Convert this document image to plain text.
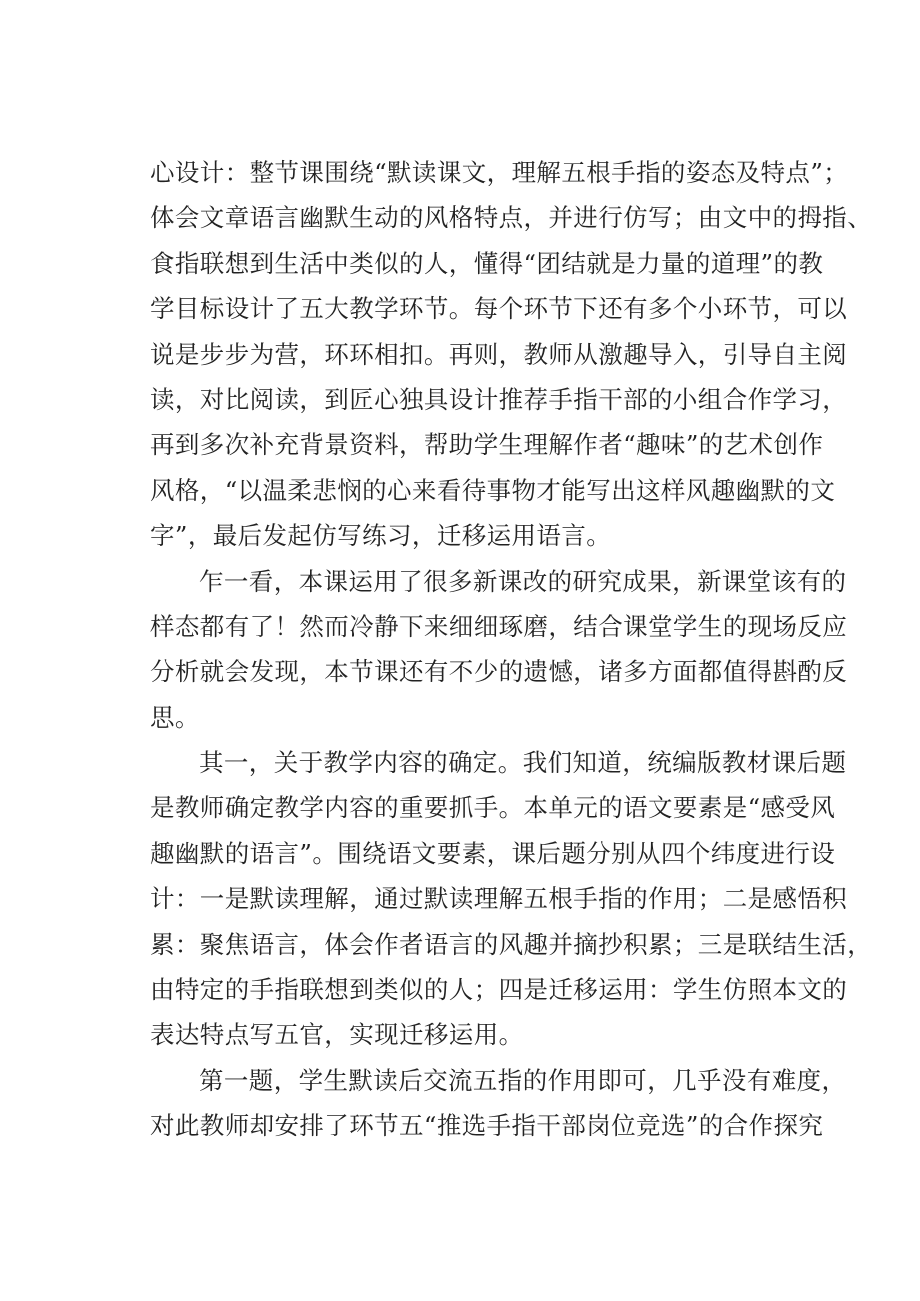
心设计：整节课围绕“默读课文，理解五根手指的姿态及特点”；
体会文章语言幽默生动的风格特点，并进行仿写；由文中的拇指、
食指联想到生活中类似的人，懂得“团结就是力量的道理”的教
学目标设计了五大教学环节。每个环节下还有多个小环节，可以
说是步步为营，环环相扣。再则，教师从激趣导入，引导自主阅
读，对比阅读，到匠心独具设计推荐手指干部的小组合作学习，
再到多次补充背景资料，帮助学生理解作者“趣味”的艺术创作
风格，“以温柔悲悯的心来看待事物才能写出这样风趣幽默的文
字”，最后发起仿写练习，迁移运用语言。
乍一看，本课运用了很多新课改的研究成果，新课堂该有的
样态都有了！然而冷静下来细细琢磨，结合课堂学生的现场反应
分析就会发现，本节课还有不少的遗憾，诸多方面都值得斟酌反
思。
其一，关于教学内容的确定。我们知道，统编版教材课后题
是教师确定教学内容的重要抓手。本单元的语文要素是“感受风
趣幽默的语言”。围绕语文要素，课后题分别从四个纬度进行设
计：一是默读理解，通过默读理解五根手指的作用；二是感悟积
累：聚焦语言，体会作者语言的风趣并摘抄积累；三是联结生活，
由特定的手指联想到类似的人；四是迁移运用：学生仿照本文的
表达特点写五官，实现迁移运用。
第一题，学生默读后交流五指的作用即可，几乎没有难度，
对此教师却安排了环节五“推选手指干部岗位竞选”的合作探究
